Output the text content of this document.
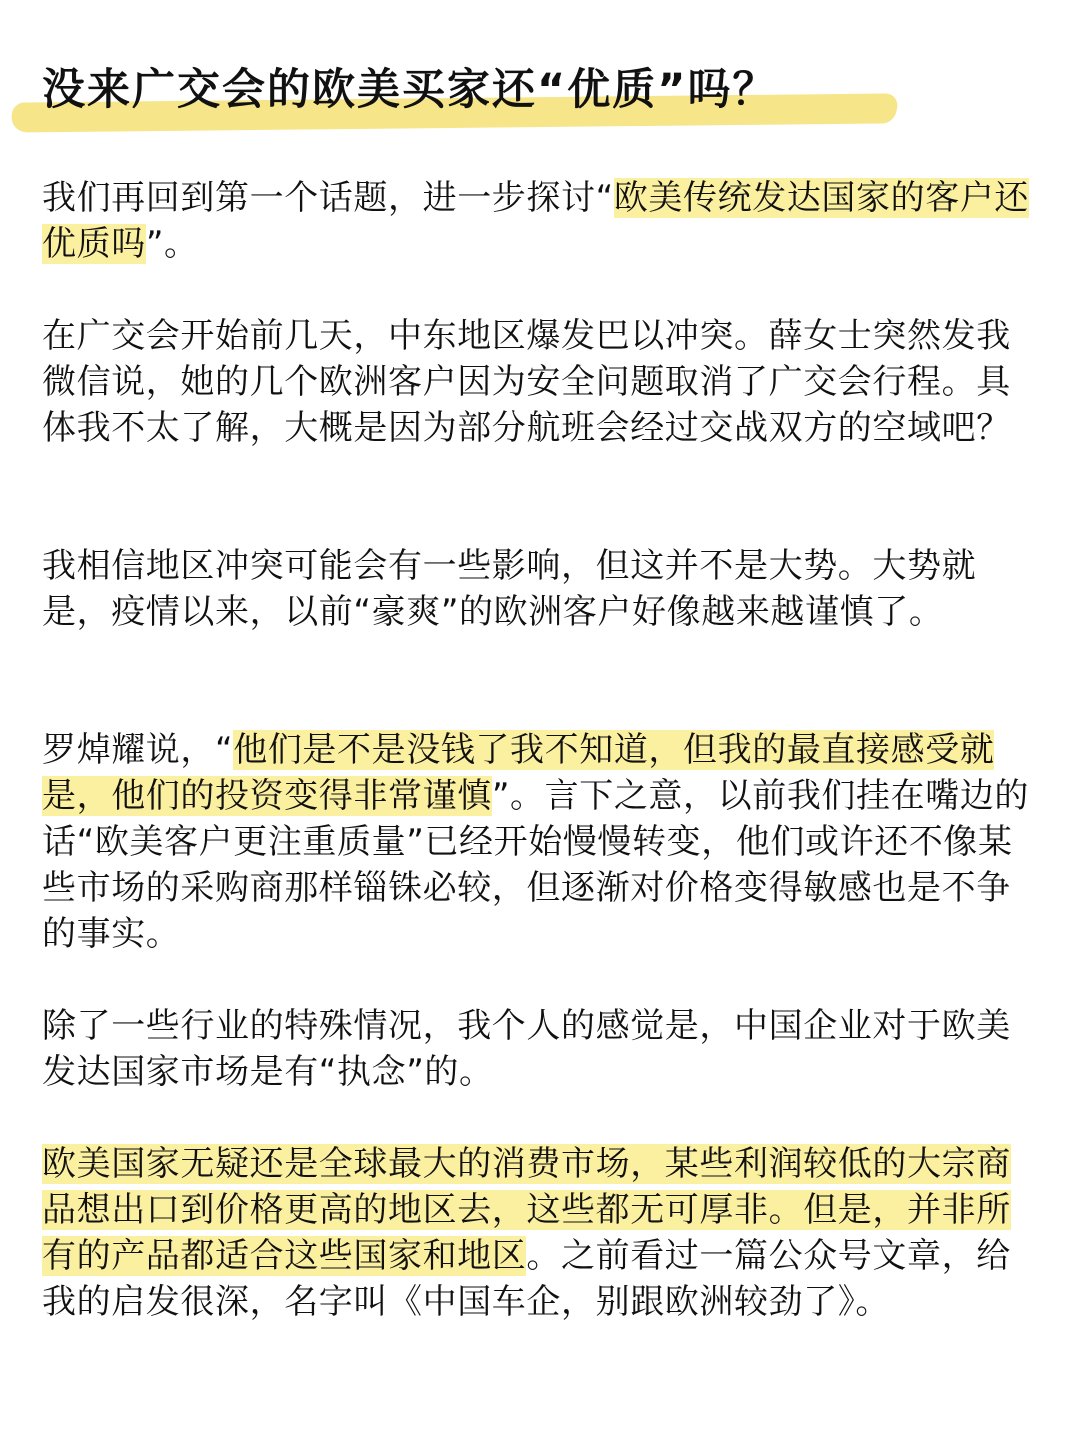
没来广交会的欧美买家还“优质”吗？

我们再回到第一个话题，进一步探讨“欧美传统发达国家的客户还优质吗”。

在广交会开始前几天，中东地区爆发巴以冲突。薛女士突然发我微信说，她的几个欧洲客户因为安全问题取消了广交会行程。具体我不太了解，大概是因为部分航班会经过交战双方的空域吧？

我相信地区冲突可能会有一些影响，但这并不是大势。大势就是，疫情以来，以前“豪爽”的欧洲客户好像越来越谨慎了。

罗焯耀说，“他们是不是没钱了我不知道，但我的最直接感受就是，他们的投资变得非常谨慎”。言下之意，以前我们挂在嘴边的话“欧美客户更注重质量”已经开始慢慢转变，他们或许还不像某些市场的采购商那样锱铢必较，但逐渐对价格变得敏感也是不争的事实。

除了一些行业的特殊情况，我个人的感觉是，中国企业对于欧美发达国家市场是有“执念”的。

欧美国家无疑还是全球最大的消费市场，某些利润较低的大宗商品想出口到价格更高的地区去，这些都无可厚非。但是，并非所有的产品都适合这些国家和地区。之前看过一篇公众号文章，给我的启发很深，名字叫《中国车企，别跟欧洲较劲了》。
